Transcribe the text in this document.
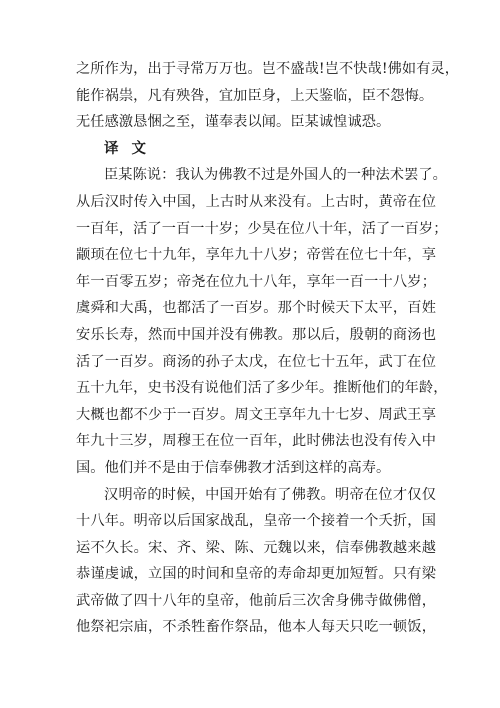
之所作为，出于寻常万万也。岂不盛哉!岂不快哉!佛如有灵，
能作祸祟，凡有殃咎，宜加臣身，上天鉴临，臣不怨悔。
无任感激恳悃之至，谨奉表以闻。臣某诚惶诚恐。
译 文
臣某陈说：我认为佛教不过是外国人的一种法术罢了。
从后汉时传入中国，上古时从来没有。上古时，黄帝在位
一百年，活了一百一十岁；少昊在位八十年，活了一百岁；
颛顼在位七十九年，享年九十八岁；帝喾在位七十年，享
年一百零五岁；帝尧在位九十八年，享年一百一十八岁；
虞舜和大禹，也都活了一百岁。那个时候天下太平，百姓
安乐长寿，然而中国并没有佛教。那以后，殷朝的商汤也
活了一百岁。商汤的孙子太戊，在位七十五年，武丁在位
五十九年，史书没有说他们活了多少年。推断他们的年龄，
大概也都不少于一百岁。周文王享年九十七岁、周武王享
年九十三岁，周穆王在位一百年，此时佛法也没有传入中
国。他们并不是由于信奉佛教才活到这样的高寿。
汉明帝的时候，中国开始有了佛教。明帝在位才仅仅
十八年。明帝以后国家战乱，皇帝一个接着一个夭折，国
运不久长。宋、齐、梁、陈、元魏以来，信奉佛教越来越
恭谨虔诚，立国的时间和皇帝的寿命却更加短暂。只有梁
武帝做了四十八年的皇帝，他前后三次舍身佛寺做佛僧，
他祭祀宗庙，不杀牲畜作祭品，他本人每天只吃一顿饭，
